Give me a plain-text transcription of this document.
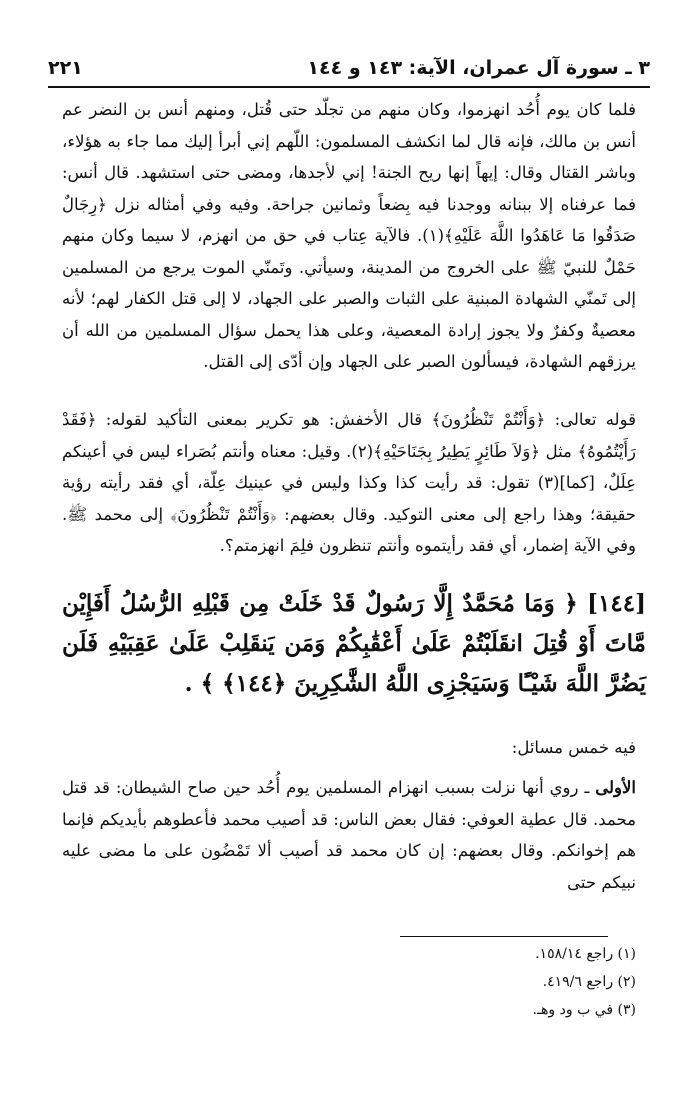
٣ ـ سورة آل عمران، الآية: ١٤٣ و ١٤٤
٢٢١
فلما كان يوم أُحُد انهزموا، وكان منهم من تجلّد حتى قُتل، ومنهم أنس بن النضر عم أنس بن مالك، فإنه قال لما انكشف المسلمون: اللّهم إني أبرأ إليك مما جاء به هؤلاء، وباشر القتال وقال: إيهاً إنها ريح الجنة! إني لأجدها، ومضى حتى استشهد. قال أنس: فما عرفناه إلا ببنانه ووجدنا فيه بِضعاً وثمانين جراحة. وفيه وفي أمثاله نزل ﴿رِجَالٌ صَدَقُوا مَا عَاهَدُوا اللَّهَ عَلَيْهِ﴾(١). فالآية عِتاب في حق من انهزم، لا سيما وكان منهم حَمْلٌ للنبيّ ﷺ على الخروج من المدينة، وسيأتي. وتَمنّي الموت يرجع من المسلمين إلى تَمنّي الشهادة المبنية على الثبات والصبر على الجهاد، لا إلى قتل الكفار لهم؛ لأنه معصيةٌ وكفرٌ ولا يجوز إرادة المعصية، وعلى هذا يحمل سؤال المسلمين من الله أن يرزقهم الشهادة، فيسألون الصبر على الجهاد وإن أدّى إلى القتل.
قوله تعالى: ﴿وَأَنْتُمْ تَنْظُرُونَ﴾ قال الأخفش: هو تكرير بمعنى التأكيد لقوله: ﴿فَقَدْ رَأَيْتُمُوهُ﴾ مثل ﴿وَلاَ طَائِرٍ يَطِيرُ بِجَنَاحَيْهِ﴾(٢). وقيل: معناه وأنتم بُصَراء ليس في أعينكم عِلَلٌ، [كما](٣) تقول: قد رأيت كذا وكذا وليس في عينيك عِلّة، أي فقد رأيته رؤية حقيقة؛ وهذا راجع إلى معنى التوكيد. وقال بعضهم: ﴿وَأَنْتُمْ تَنْظُرُونَ﴾ إلى محمد ﷺ. وفي الآية إضمار، أي فقد رأيتموه وأنتم تنظرون فلِمَ انهزمتم؟.
[١٤٤] ﴿ وَمَا مُحَمَّدٌ إِلَّا رَسُولٌ قَدْ خَلَتْ مِن قَبْلِهِ الرُّسُلُ أَفَإِيْن مَّاتَ أَوْ قُتِلَ انقَلَبْتُمْ عَلَىٰ أَعْقَٰبِكُمْ وَمَن يَنقَلِبْ عَلَىٰ عَقِبَيْهِ فَلَن يَضُرَّ اللَّهَ شَيْـًٔا وَسَيَجْزِى اللَّهُ الشَّٰكِرِينَ ﴿١٤٤﴾ ﴾ .
فيه خمس مسائل:
الأولى ـ روي أنها نزلت بسبب انهزام المسلمين يوم أُحُد حين صاح الشيطان: قد قتل محمد. قال عطية العوفي: فقال بعض الناس: قد أصيب محمد فأعطوهم بأيديكم فإنما هم إخوانكم. وقال بعضهم: إن كان محمد قد أصيب ألا تَمْضُون على ما مضى عليه نبيكم حتى
(١) راجع ١٥٨/١٤.
(٢) راجع ٤١٩/٦.
(٣) في ب ود وهـ.
